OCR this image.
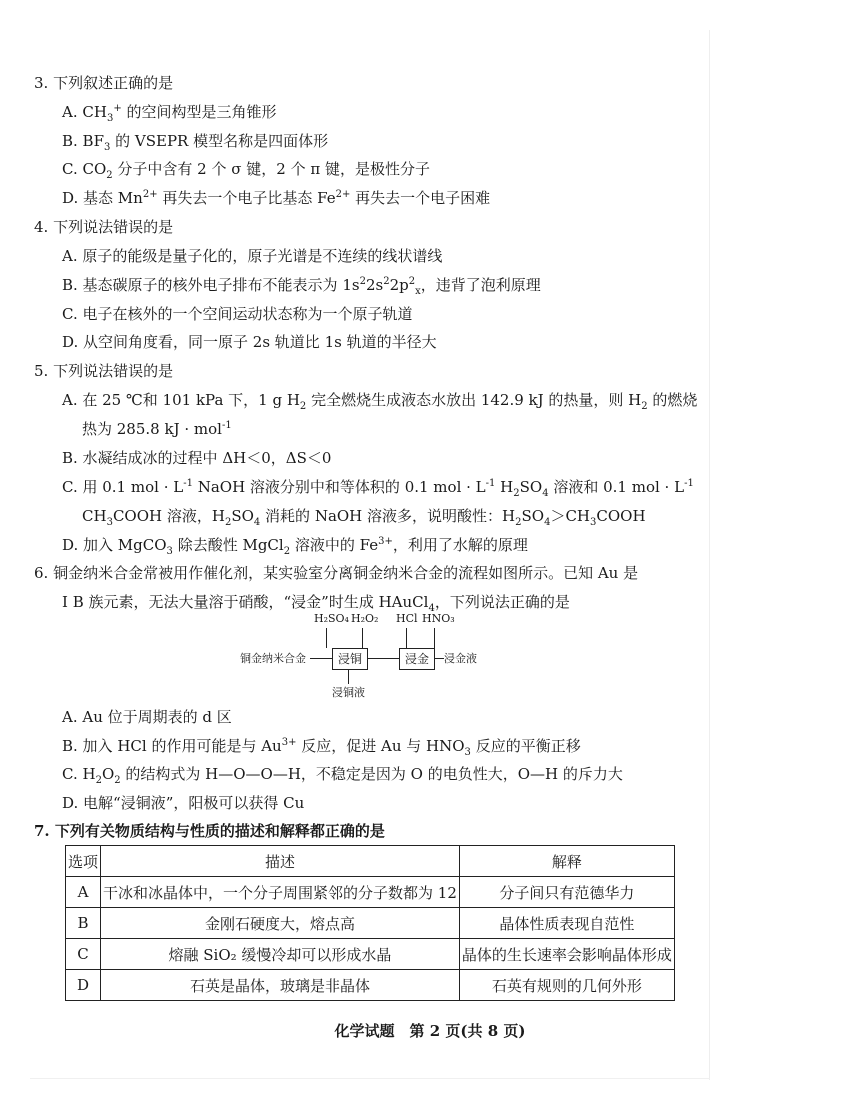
3. 下列叙述正确的是
A. $CH_3^+$ 的空间构型是三角锥形
B. $BF_3$ 的 VSEPR 模型名称是四面体形
C. $CO_2$ 分子中含有 2 个 σ 键，2 个 π 键，是极性分子
D. 基态 $Mn^{2+}$ 再失去一个电子比基态 $Fe^{2+}$ 再失去一个电子困难
4. 下列说法错误的是
A. 原子的能级是量子化的，原子光谱是不连续的线状谱线
B. 基态碳原子的核外电子排布不能表示为 $1s^22s^22p^2_x$，违背了泡利原理
C. 电子在核外的一个空间运动状态称为一个原子轨道
D. 从空间角度看，同一原子 2s 轨道比 1s 轨道的半径大
5. 下列说法错误的是
A. 在 25 ℃和 101 kPa 下，1 g $H_2$ 完全燃烧生成液态水放出 142.9 kJ 的热量，则 $H_2$ 的燃烧
热为 285.8 kJ · mol$^{-1}$
B. 水凝结成冰的过程中 ΔH＜0，ΔS＜0
C. 用 0.1 mol · $L^{-1}$ NaOH 溶液分别中和等体积的 0.1 mol · $L^{-1}$ $H_2SO_4$ 溶液和 0.1 mol · $L^{-1}$
$CH_3COOH$ 溶液，$H_2SO_4$ 消耗的 NaOH 溶液多，说明酸性：$H_2SO_4>CH_3COOH$
D. 加入 MgCO$_3$ 除去酸性 MgCl$_2$ 溶液中的 $Fe^{3+}$，利用了水解的原理
6. 铜金纳米合金常被用作催化剂，某实验室分离铜金纳米合金的流程如图所示。已知 Au 是
I B 族元素，无法大量溶于硝酸，“浸金”时生成 HAuCl$_4$，下列说法正确的是
H₂SO₄ H₂O₂ HCl HNO₃
铜金纳米合金	浸铜	浸金	浸金液
浸铜液
A. Au 位于周期表的 d 区
B. 加入 HCl 的作用可能是与 $Au^{3+}$ 反应，促进 Au 与 $HNO_3$ 反应的平衡正移
C. $H_2O_2$ 的结构式为 H—O—O—H，不稳定是因为 O 的电负性大，O—H 的斥力大
D. 电解“浸铜液”，阳极可以获得 Cu
7. 下列有关物质结构与性质的描述和解释都正确的是
选项	描述	解释
A	干冰和冰晶体中，一个分子周围紧邻的分子数都为 12	分子间只有范德华力
B	金刚石硬度大，熔点高	晶体性质表现自范性
C	熔融 SiO₂ 缓慢冷却可以形成水晶	晶体的生长速率会影响晶体形成
D	石英是晶体，玻璃是非晶体	石英有规则的几何外形
化学试题　第 2 页(共 8 页)
